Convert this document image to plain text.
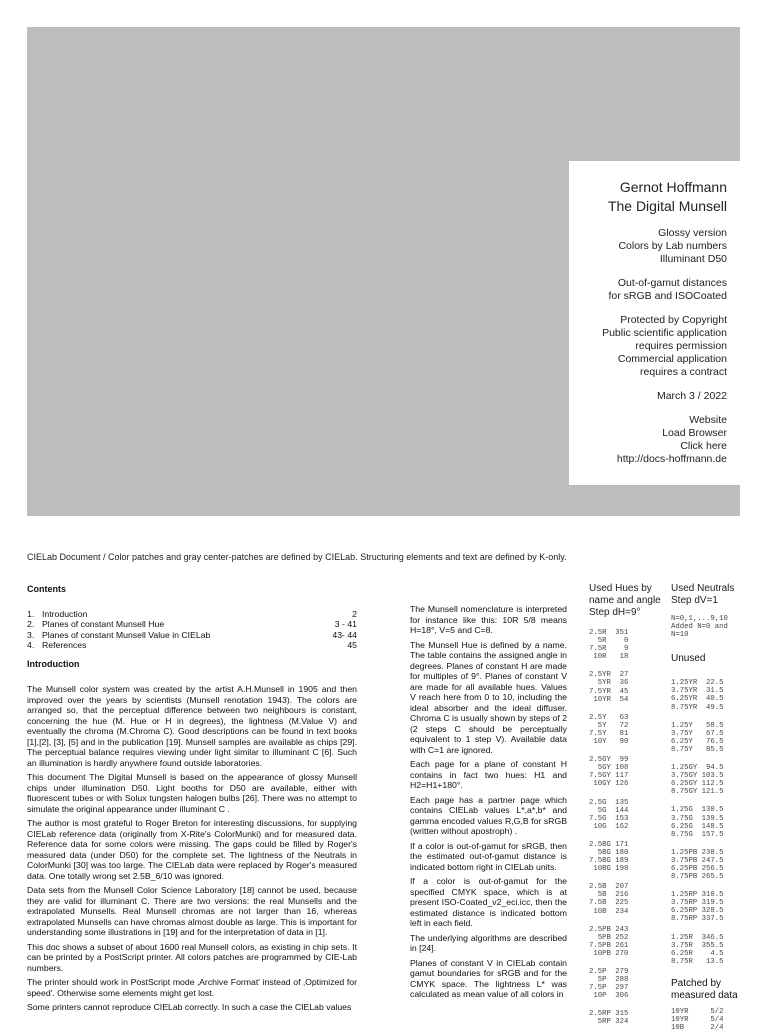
Gernot Hoffmann
The Digital Munsell
Glossy version
Colors by Lab numbers
Illuminant D50
Out-of-gamut distances
for sRGB and ISOCoated
Protected by Copyright
Public scientific application
requires permission
Commercial application
requires a contract
March 3 / 2022
Website
Load Browser
Click here
http://docs-hoffmann.de
CIELab Document / Color patches and gray center-patches are defined by CIELab. Structuring elements and text are defined by K-only.
Contents
1. Introduction	2
2. Planes of constant Munsell Hue	3 - 41
3. Planes of constant Munsell Value in CIELab	43- 44
4. References	45
Introduction

The Munsell color system was created by the artist A.H.Munsell in 1905 and then improved over the years by scientists (Munsell renotation 1943). The colors are arranged so, that the perceptual difference between two neighbours is constant, concerning the hue (M. Hue or H in degrees), the lightness (M.Value V) and eventually the chroma (M.Chroma C). Good descriptions can be found in text books [1],[2], [3], [5] and in the publication [19]. Munsell samples are available as chips [29]. The perceptual balance requires viewing under light similar to illuminant C [6]. Such an illumination is hardly anywhere found outside laboratories.

This document The Digital Munsell is based on the appearance of glossy Munsell chips under illumination D50. Light booths for D50 are available, either with fluorescent tubes or with Solux tungsten halogen bulbs [26]. There was no attempt to simulate the original appearance under illuminant C .

The author is most grateful to Roger Breton for interesting discussions, for supplying CIELab reference data (originally from X-Rite's ColorMunki) and for measured data. Reference data for some colors were missing. The gaps could be filled by Roger's measured data (under D50) for the complete set. The lightness of the Neutrals in ColorMunki [30] was too large. The CIELab data were replaced by Roger's measured data. One totally wrong set 2.5B_6/10 was ignored.

Data sets from the Munsell Color Science Laboratory [18] cannot be used, because they are valid for illuminant C. There are two versions: the real Munsells and the extrapolated Munsells. Real Munsell chromas are not larger than 16, whereas extrapolated Munsells can have chromas almost double as large. This is important for understanding some illustrations in [19] and for the interpretation of data in [1].

This doc shows a subset of about 1600 real Munsell colors, as existing in chip sets. It can be printed by a PostScript printer. All colors patches are programmed by CIE-Lab numbers.

The printer should work in PostScript mode ‚Archive Format' instead of ‚Optimized for speed'. Otherwise some elements might get lost.

Some printers cannot reproduce CIELab correctly. In such a case the CIELab values

The Munsell nomenclature is interpreted for instance like this: 10R 5/8 means H=18°, V=5 and C=8.

The Munsell Hue is defined by a name. The table contains the assigned angle in degrees. Planes of constant H are made for multiples of 9°. Planes of constant V are made for all available hues. Values V reach here from 0 to 10, including the ideal absorber and the ideal diffuser. Chroma C is usually shown by steps of 2 (2 steps C should be perceptually equivalent to 1 step V). Available data with C=1 are ignored.

Each page for a plane of constant H contains in fact two hues: H1 and H2=H1+180°.

Each page has a partner page which contains CIELab values L*,a*,b* and gamma encoded values R,G,B for sRGB (written without apostroph) .

If a color is out-of-gamut for sRGB, then the estimated out-of-gamut distance is indicated bottom right in CIELab units.

If a color is out-of-gamut for the specified CMYK space, which is at present ISO-Coated_v2_eci.icc, then the estimated distance is indicated bottom left in each field.

The underlying algorithms are described in [24].

Planes of constant V in CIELab contain gamut boundaries for sRGB and for the CMYK space. The lightness L* was calculated as mean value of all colors in

Used Hues by
name and angle
Step dH=9°
2.5R  351
5R    0
7.5R    9
10R   18
2.5YR  27
5YR  36
7.5YR  45
10YR  54
2.5Y   63
5Y   72
7.5Y   81
10Y   90
2.5GY  99
5GY 108
7.5GY 117
10GY 126
2.5G  135
5G  144
7.5G  153
10G  162
2.5BG 171
5BG 180
7.5BG 189
10BG 198
2.5B  207
5B  216
7.5B  225
10B  234
2.5PB 243
5PB 252
7.5PB 261
10PB 270
2.5P  279
5P  288
7.5P  297
10P  306
2.5RP 315
5RP 324
Used Neutrals
Step dV=1
N=0,1,...9,10
Added N=0 and
N=10
Unused
1.25YR  22.5
3.75YR  31.5
6.25YR  40.5
8.75YR  49.5
1.25Y   58.5
3.75Y   67.5
6.25Y   76.5
8.75Y   85.5
1.25GY  94.5
3.75GY 103.5
6.25GY 112.5
8.75GY 121.5
1.25G  130.5
3.75G  139.5
6.25G  148.5
8.75G  157.5
1.25PB 238.5
3.75PB 247.5
6.25PB 256.5
8.75PB 265.5
1.25RP 310.5
3.75RP 319.5
6.25RP 328.5
8.75RP 337.5
1.25R  346.5
3.75R  355.5
6.25R    4.5
8.75R   13.5
Patched by
measured data
10YR     5/2
10YR     5/4
10B      2/4
